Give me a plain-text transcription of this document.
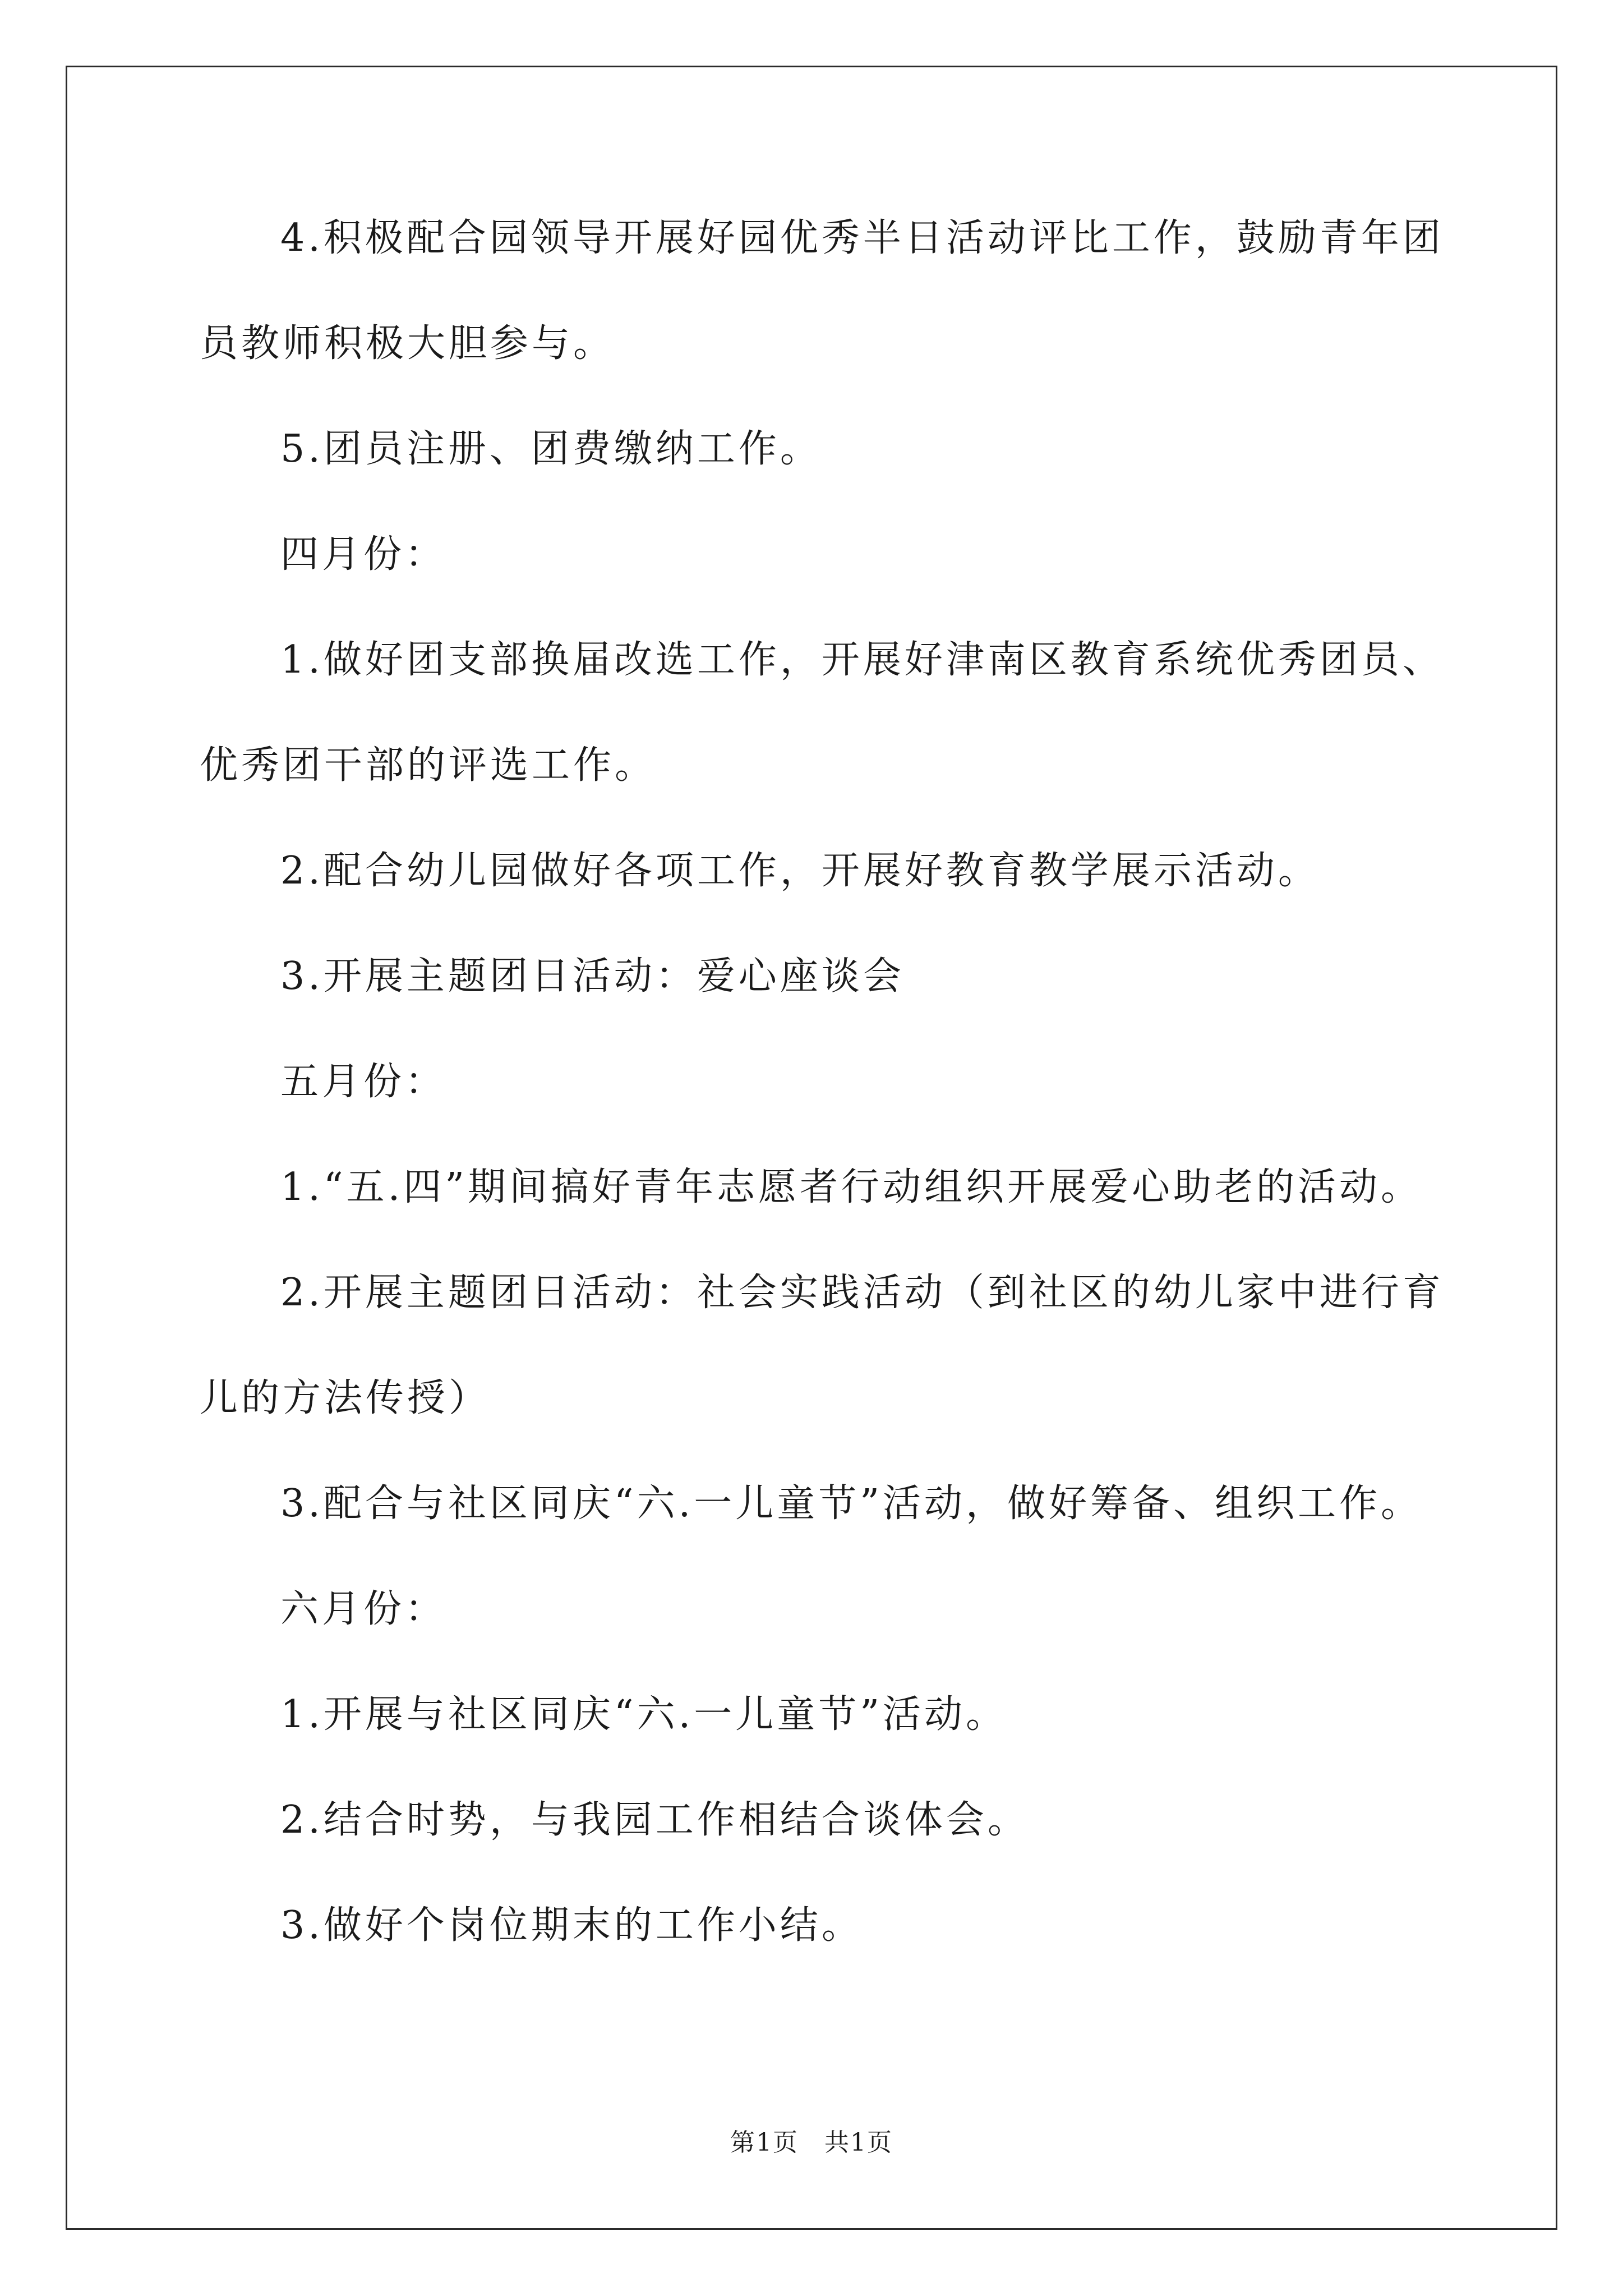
4.积极配合园领导开展好园优秀半日活动评比工作，鼓励青年团
员教师积极大胆参与。
5.团员注册、团费缴纳工作。
四月份：
1.做好团支部换届改选工作，开展好津南区教育系统优秀团员、
优秀团干部的评选工作。
2.配合幼儿园做好各项工作，开展好教育教学展示活动。
3.开展主题团日活动：爱心座谈会
五月份：
1.“五.四”期间搞好青年志愿者行动组织开展爱心助老的活动。
2.开展主题团日活动：社会实践活动（到社区的幼儿家中进行育
儿的方法传授）
3.配合与社区同庆“六.一儿童节”活动，做好筹备、组织工作。
六月份：
1.开展与社区同庆“六.一儿童节”活动。
2.结合时势，与我园工作相结合谈体会。
3.做好个岗位期末的工作小结。
第1页　共1页
